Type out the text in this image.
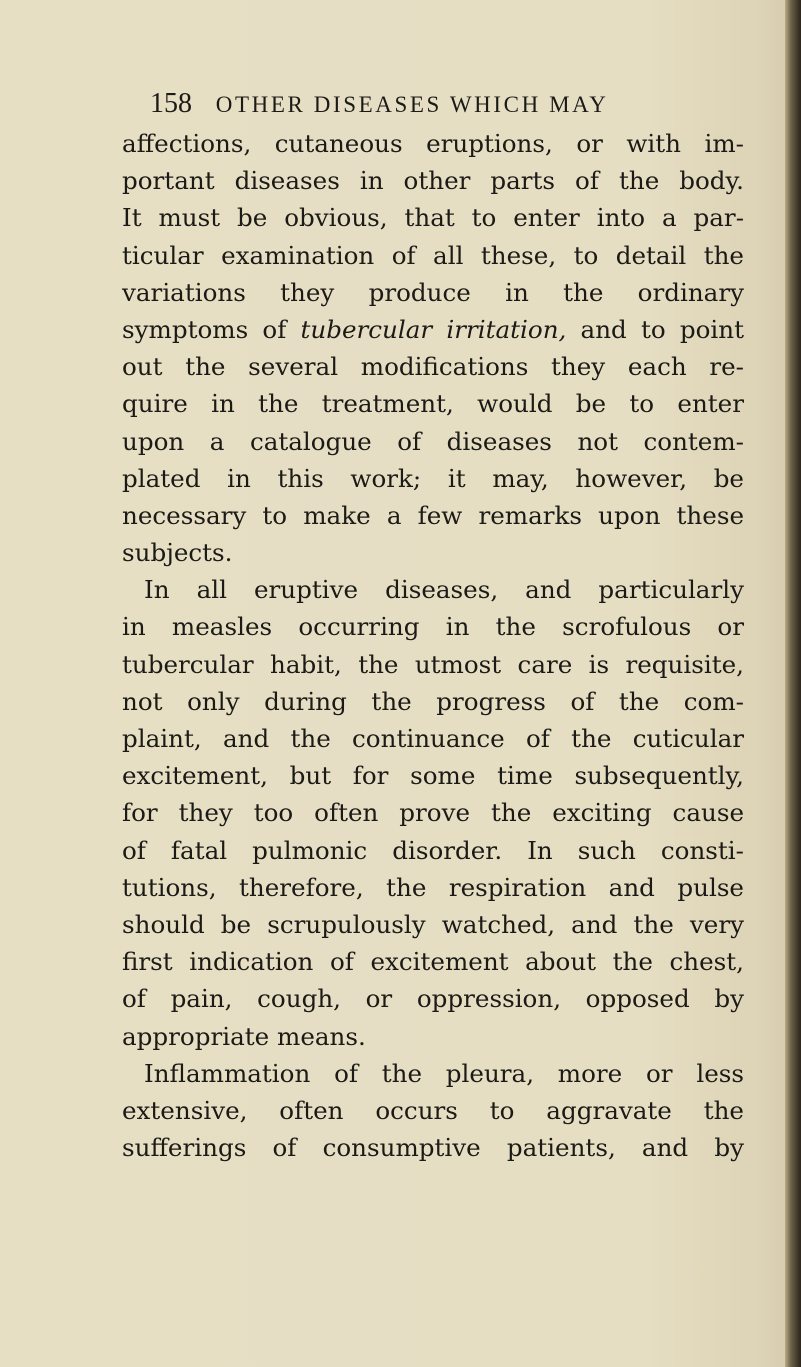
158 OTHER DISEASES WHICH MAY
affections, cutaneous eruptions, or with im-
portant diseases in other parts of the body.
It must be obvious, that to enter into a par-
ticular examination of all these, to detail the
variations they produce in the ordinary
symptoms of tubercular irritation, and to point
out the several modifications they each re-
quire in the treatment, would be to enter
upon a catalogue of diseases not contem-
plated in this work; it may, however, be
necessary to make a few remarks upon these
subjects.
In all eruptive diseases, and particularly
in measles occurring in the scrofulous or
tubercular habit, the utmost care is requisite,
not only during the progress of the com-
plaint, and the continuance of the cuticular
excitement, but for some time subsequently,
for they too often prove the exciting cause
of fatal pulmonic disorder. In such consti-
tutions, therefore, the respiration and pulse
should be scrupulously watched, and the very
first indication of excitement about the chest,
of pain, cough, or oppression, opposed by
appropriate means.
Inflammation of the pleura, more or less
extensive, often occurs to aggravate the
sufferings of consumptive patients, and by
